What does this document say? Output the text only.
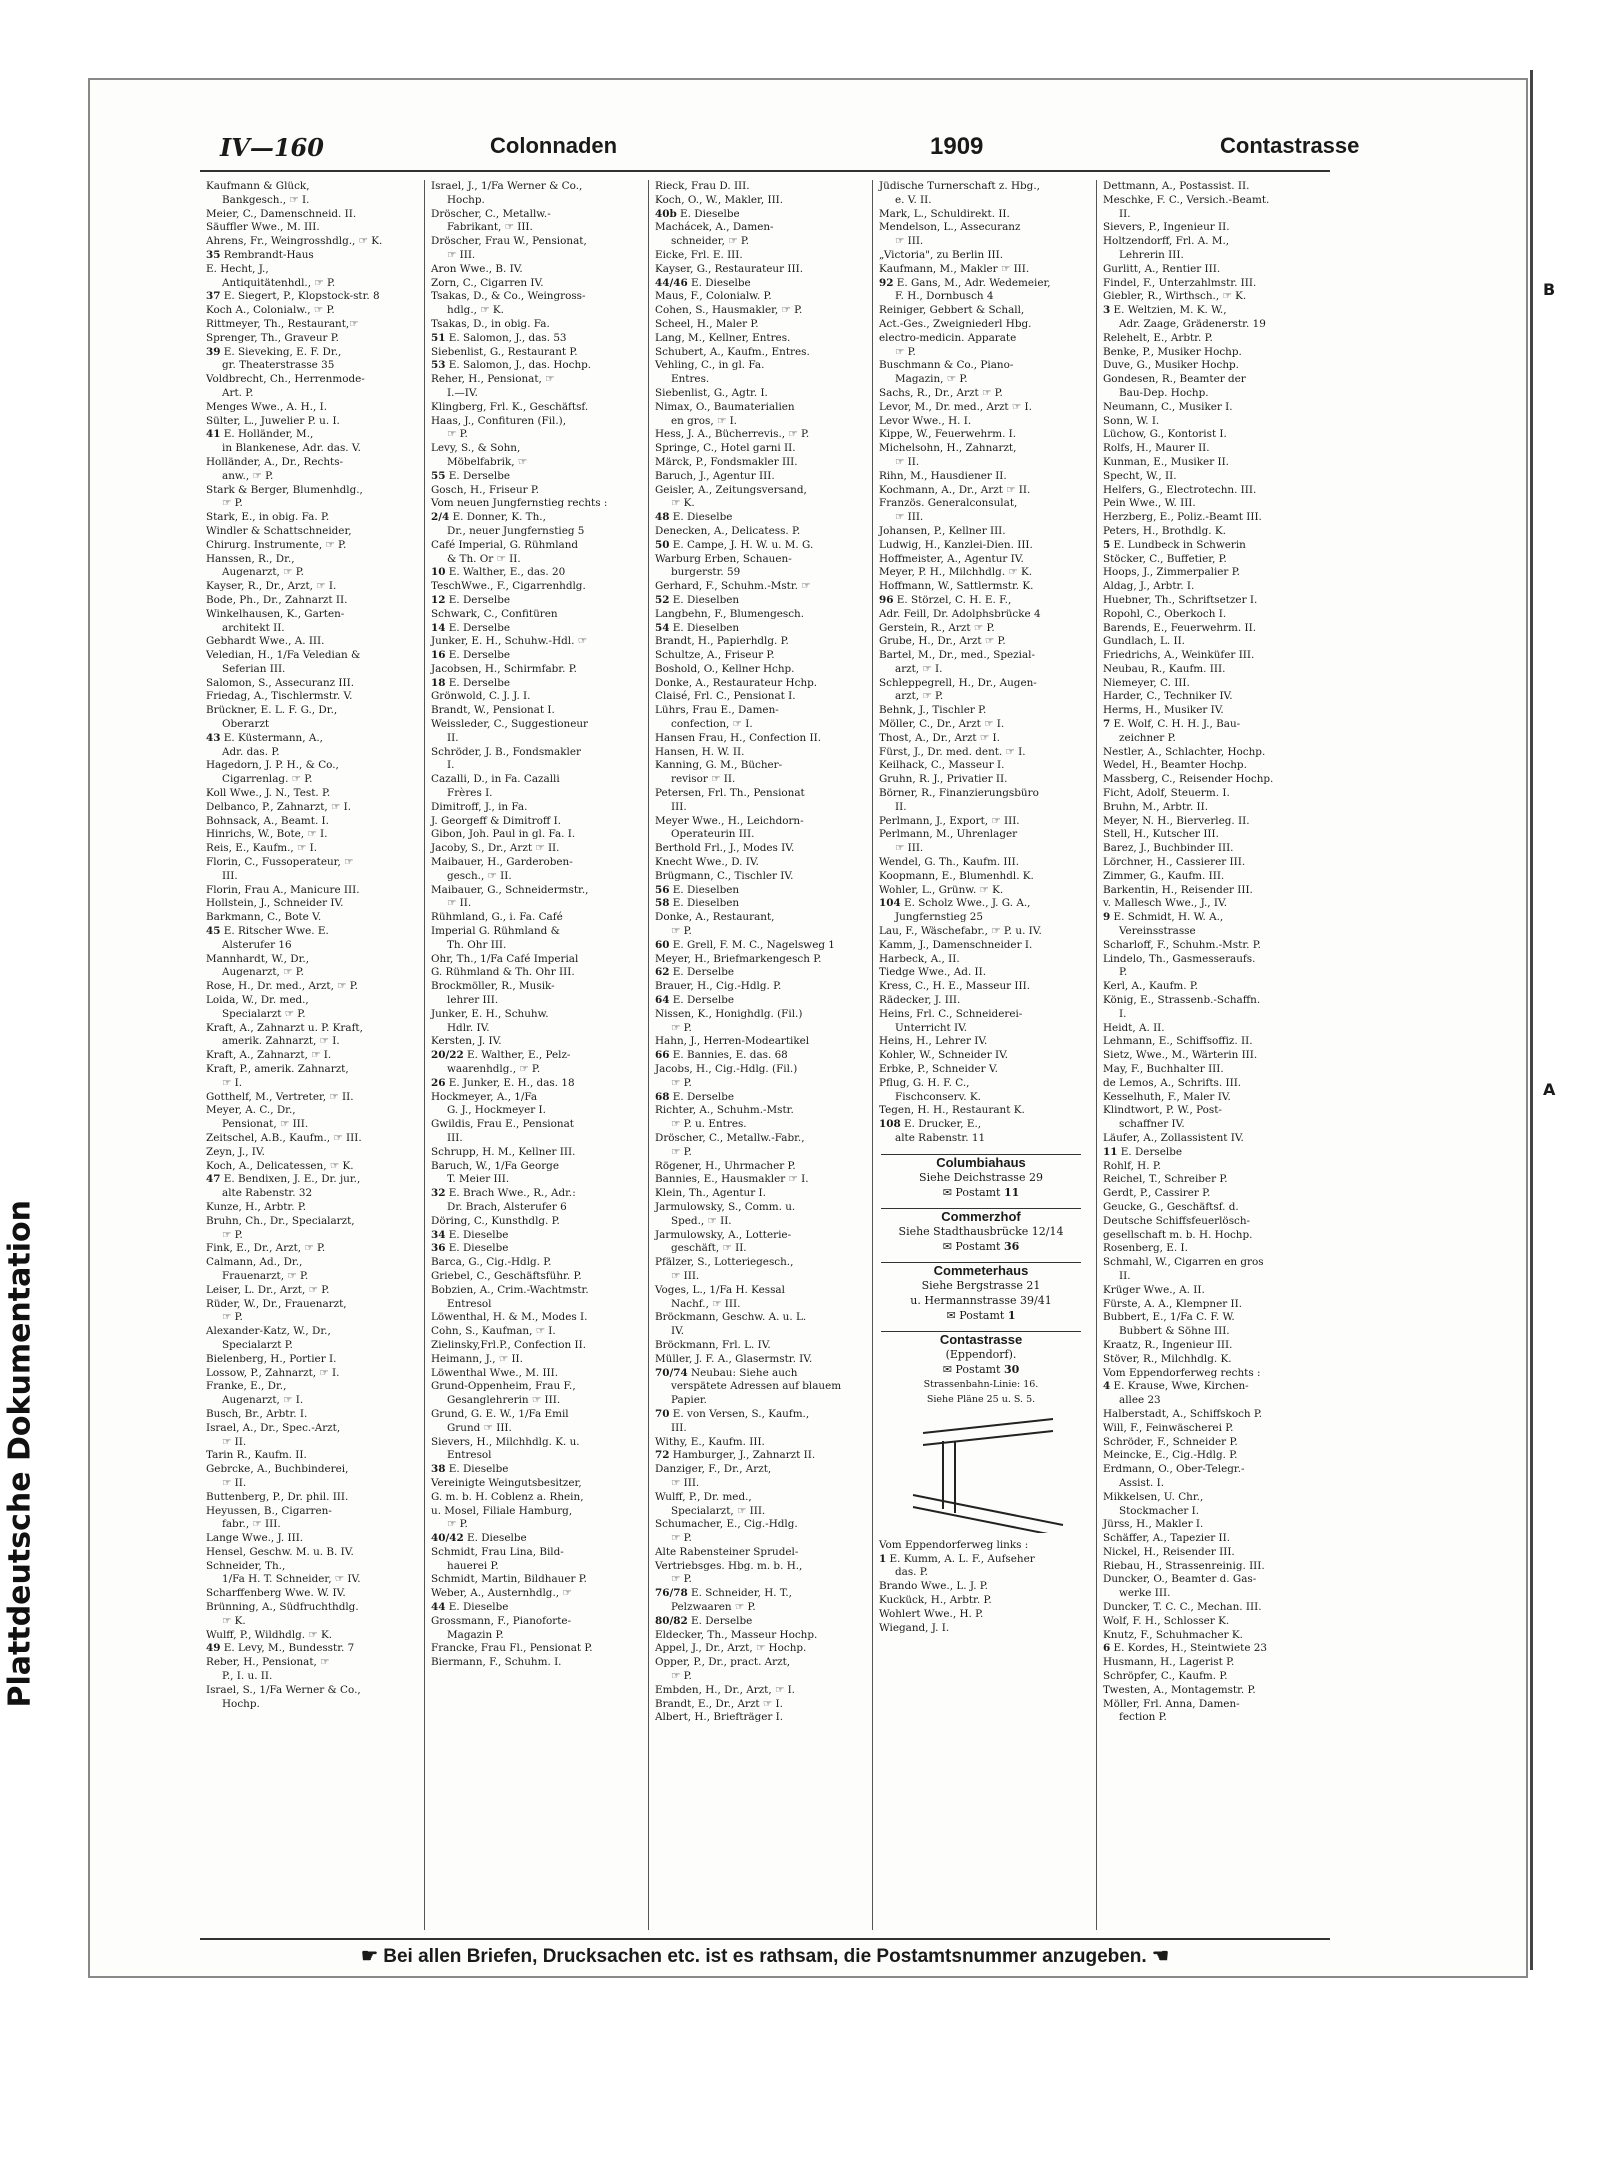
Plattdeutsche Dokumentation
IV—160	Colonnaden	1909	Contastrasse
Kaufmann & Glück,
Bankgesch., ☞ I.
Meier, C., Damenschneid. II.
Säuffler Wwe., M. III.
Ahrens, Fr., Weingrosshdlg., ☞ K.
35 Rembrandt-Haus
E. Hecht, J.,
Antiquitätenhdl., ☞ P.
37 E. Siegert, P., Klopstock-str. 8
Koch A., Colonialw., ☞ P.
Rittmeyer, Th., Restaurant,☞
Sprenger, Th., Graveur P.
39 E. Sieveking, E. F. Dr.,
gr. Theaterstrasse 35
Voldbrecht, Ch., Herrenmode-
Art. P.
Menges Wwe., A. H., I.
Sülter, L., Juwelier P. u. I.
41 E. Holländer, M.,
in Blankenese, Adr. das. V.
Holländer, A., Dr., Rechts-
anw., ☞ P.
Stark & Berger, Blumenhdlg.,
☞ P.
Stark, E., in obig. Fa. P.
Windler & Schattschneider,
Chirurg. Instrumente, ☞ P.
Hanssen, R., Dr.,
Augenarzt, ☞ P.
Kayser, R., Dr., Arzt, ☞ I.
Bode, Ph., Dr., Zahnarzt II.
Winkelhausen, K., Garten-
architekt II.
Gebhardt Wwe., A. III.
Veledian, H., 1/Fa Veledian &
Seferian III.
Salomon, S., Assecuranz III.
Friedag, A., Tischlermstr. V.
Brückner, E. L. F. G., Dr.,
Oberarzt
43 E. Küstermann, A.,
Adr. das. P.
Hagedorn, J. P. H., & Co.,
Cigarrenlag. ☞ P.
Koll Wwe., J. N., Test. P.
Delbanco, P., Zahnarzt, ☞ I.
Bohnsack, A., Beamt. I.
Hinrichs, W., Bote, ☞ I.
Reis, E., Kaufm., ☞ I.
Florin, C., Fussoperateur, ☞
III.
Florin, Frau A., Manicure III.
Hollstein, J., Schneider IV.
Barkmann, C., Bote V.
45 E. Ritscher Wwe. E.
Alsterufer 16
Mannhardt, W., Dr.,
Augenarzt, ☞ P.
Rose, H., Dr. med., Arzt, ☞ P.
Loida, W., Dr. med.,
Specialarzt ☞ P.
Kraft, A., Zahnarzt u. P. Kraft,
amerik. Zahnarzt, ☞ I.
Kraft, A., Zahnarzt, ☞ I.
Kraft, P., amerik. Zahnarzt,
☞ I.
Gotthelf, M., Vertreter, ☞ II.
Meyer, A. C., Dr.,
Pensionat, ☞ III.
Zeitschel, A.B., Kaufm., ☞ III.
Zeyn, J., IV.
Koch, A., Delicatessen, ☞ K.
47 E. Bendixen, J. E., Dr. jur.,
alte Rabenstr. 32
Kunze, H., Arbtr. P.
Bruhn, Ch., Dr., Specialarzt,
☞ P.
Fink, E., Dr., Arzt, ☞ P.
Calmann, Ad., Dr.,
Frauenarzt, ☞ P.
Leiser, L. Dr., Arzt, ☞ P.
Rüder, W., Dr., Frauenarzt,
☞ P.
Alexander-Katz, W., Dr.,
Specialarzt P.
Bielenberg, H., Portier I.
Lossow, P., Zahnarzt, ☞ I.
Franke, E., Dr.,
Augenarzt, ☞ I.
Busch, Br., Arbtr. I.
Israel, A., Dr., Spec.-Arzt,
☞ II.
Tarin R., Kaufm. II.
Gebrcke, A., Buchbinderei,
☞ II.
Buttenberg, P., Dr. phil. III.
Heyussen, B., Cigarren-
fabr., ☞ III.
Lange Wwe., J. III.
Hensel, Geschw. M. u. B. IV.
Schneider, Th.,
1/Fa H. T. Schneider, ☞ IV.
Scharffenberg Wwe. W. IV.
Brünning, A., Südfruchthdlg.
☞ K.
Wulff, P., Wildhdlg. ☞ K.
49 E. Levy, M., Bundesstr. 7
Reber, H., Pensionat, ☞
P., I. u. II.
Israel, S., 1/Fa Werner & Co.,
Hochp.
Israel, J., 1/Fa Werner & Co.,
Hochp.
Dröscher, C., Metallw.-
Fabrikant, ☞ III.
Dröscher, Frau W., Pensionat,
☞ III.
Aron Wwe., B. IV.
Zorn, C., Cigarren IV.
Tsakas, D., & Co., Weingross-
hdlg., ☞ K.
Tsakas, D., in obig. Fa.
51 E. Salomon, J., das. 53
Siebenlist, G., Restaurant P.
53 E. Salomon, J., das. Hochp.
Reher, H., Pensionat, ☞
I.—IV.
Klingberg, Frl. K., Geschäftsf.
Haas, J., Confituren (Fil.),
☞ P.
Levy, S., & Sohn,
Möbelfabrik, ☞
55 E. Derselbe
Gosch, H., Friseur P.
Vom neuen Jungfernstieg rechts :
2/4 E. Donner, K. Th.,
Dr., neuer Jungfernstieg 5
Café Imperial, G. Rühmland
& Th. Or ☞ II.
10 E. Walther, E., das. 20
TeschWwe., F., Cigarrenhdlg.
12 E. Derselbe
Schwark, C., Confitüren
14 E. Derselbe
Junker, E. H., Schuhw.-Hdl. ☞
16 E. Derselbe
Jacobsen, H., Schirmfabr. P.
18 E. Derselbe
Grönwold, C. J. J. I.
Brandt, W., Pensionat I.
Weissleder, C., Suggestioneur
II.
Schröder, J. B., Fondsmakler
I.
Cazalli, D., in Fa. Cazalli
Frères I.
Dimitroff, J., in Fa.
J. Georgeff & Dimitroff I.
Gibon, Joh. Paul in gl. Fa. I.
Jacoby, S., Dr., Arzt ☞ II.
Maibauer, H., Garderoben-
gesch., ☞ II.
Maibauer, G., Schneidermstr.,
☞ II.
Rühmland, G., i. Fa. Café
Imperial G. Rühmland &
Th. Ohr III.
Ohr, Th., 1/Fa Café Imperial
G. Rühmland & Th. Ohr III.
Brockmöller, R., Musik-
lehrer III.
Junker, E. H., Schuhw.
Hdlr. IV.
Kersten, J. IV.
20/22 E. Walther, E., Pelz-
waarenhdlg., ☞ P.
26 E. Junker, E. H., das. 18
Hockmeyer, A., 1/Fa
G. J., Hockmeyer I.
Gwildis, Frau E., Pensionat
III.
Schrupp, H. M., Kellner III.
Baruch, W., 1/Fa George
T. Meier III.
32 E. Brach Wwe., R., Adr.:
Dr. Brach, Alsterufer 6
Döring, C., Kunsthdlg. P.
34 E. Dieselbe
36 E. Dieselbe
Barca, G., Cig.-Hdlg. P.
Griebel, C., Geschäftsführ. P.
Bobzien, A., Crim.-Wachtmstr.
Entresol
Löwenthal, H. & M., Modes I.
Cohn, S., Kaufman, ☞ I.
Zielinsky,Frl.P., Confection II.
Heimann, J., ☞ II.
Löwenthal Wwe., M. III.
Grund-Oppenheim, Frau F.,
Gesanglehrerin ☞ III.
Grund, G. E. W., 1/Fa Emil
Grund ☞ III.
Sievers, H., Milchhdlg. K. u.
Entresol
38 E. Dieselbe
Vereinigte Weingutsbesitzer,
G. m. b. H. Coblenz a. Rhein,
u. Mosel, Filiale Hamburg,
☞ P.
40/42 E. Dieselbe
Schmidt, Frau Lina, Bild-
hauerei P.
Schmidt, Martin, Bildhauer P.
Weber, A., Austernhdlg., ☞
44 E. Dieselbe
Grossmann, F., Pianoforte-
Magazin P.
Francke, Frau Fl., Pensionat P.
Biermann, F., Schuhm. I.
Rieck, Frau D. III.
Koch, O., W., Makler, III.
40b E. Dieselbe
Machácek, A., Damen-
schneider, ☞ P.
Eicke, Frl. E. III.
Kayser, G., Restaurateur III.
44/46 E. Dieselbe
Maus, F., Colonialw. P.
Cohen, S., Hausmakler, ☞ P.
Scheel, H., Maler P.
Lang, M., Kellner, Entres.
Schubert, A., Kaufm., Entres.
Vehling, C., in gl. Fa.
Entres.
Siebenlist, G., Agtr. I.
Nimax, O., Baumaterialien
en gros, ☞ I.
Hess, J. A., Bücherrevis., ☞ P.
Springe, C., Hotel garni II.
Märck, P., Fondsmakler III.
Baruch, J., Agentur III.
Geisler, A., Zeitungsversand,
☞ K.
48 E. Dieselbe
Denecken, A., Delicatess. P.
50 E. Campe, J. H. W. u. M. G.
Warburg Erben, Schauen-
burgerstr. 59
Gerhard, F., Schuhm.-Mstr. ☞
52 E. Dieselben
Langbehn, F., Blumengesch.
54 E. Dieselben
Brandt, H., Papierhdlg. P.
Schultze, A., Friseur P.
Boshold, O., Kellner Hchp.
Donke, A., Restaurateur Hchp.
Claisé, Frl. C., Pensionat I.
Lührs, Frau E., Damen-
confection, ☞ I.
Hansen Frau, H., Confection II.
Hansen, H. W. II.
Kanning, G. M., Bücher-
revisor ☞ II.
Petersen, Frl. Th., Pensionat
III.
Meyer Wwe., H., Leichdorn-
Operateurin III.
Berthold Frl., J., Modes IV.
Knecht Wwe., D. IV.
Brügmann, C., Tischler IV.
56 E. Dieselben
58 E. Dieselben
Donke, A., Restaurant,
☞ P.
60 E. Grell, F. M. C., Nagelsweg 1
Meyer, H., Briefmarkengesch P.
62 E. Derselbe
Brauer, H., Cig.-Hdlg. P.
64 E. Derselbe
Nissen, K., Honighdlg. (Fil.)
☞ P.
Hahn, J., Herren-Modeartikel
66 E. Bannies, E. das. 68
Jacobs, H., Cig.-Hdlg. (Fil.)
☞ P.
68 E. Derselbe
Richter, A., Schuhm.-Mstr.
☞ P. u. Entres.
Dröscher, C., Metallw.-Fabr.,
☞ P.
Rögener, H., Uhrmacher P.
Bannies, E., Hausmakler ☞ I.
Klein, Th., Agentur I.
Jarmulowsky, S., Comm. u.
Sped., ☞ II.
Jarmulowsky, A., Lotterie-
geschäft, ☞ II.
Pfälzer, S., Lotteriegesch.,
☞ III.
Voges, L., 1/Fa H. Kessal
Nachf., ☞ III.
Bröckmann, Geschw. A. u. L.
IV.
Bröckmann, Frl. L. IV.
Müller, J. F. A., Glasermstr. IV.
70/74 Neubau: Siehe auch
verspätete Adressen auf blauem
Papier.
70 E. von Versen, S., Kaufm.,
III.
Withy, E., Kaufm. III.
72 Hamburger, J., Zahnarzt II.
Danziger, F., Dr., Arzt,
☞ III.
Wulff, P., Dr. med.,
Specialarzt, ☞ III.
Schumacher, E., Cig.-Hdlg.
☞ P.
Alte Rabensteiner Sprudel-
Vertriebsges. Hbg. m. b. H.,
☞ P.
76/78 E. Schneider, H. T.,
Pelzwaaren ☞ P.
80/82 E. Derselbe
Eldecker, Th., Masseur Hochp.
Appel, J., Dr., Arzt, ☞ Hochp.
Opper, P., Dr., pract. Arzt,
☞ P.
Embden, H., Dr., Arzt, ☞ I.
Brandt, E., Dr., Arzt ☞ I.
Albert, H., Briefträger I.
Jüdische Turnerschaft z. Hbg.,
e. V. II.
Mark, L., Schuldirekt. II.
Mendelson, L., Assecuranz
☞ III.
„Victoria", zu Berlin III.
Kaufmann, M., Makler ☞ III.
92 E. Gans, M., Adr. Wedemeier,
F. H., Dornbusch 4
Reiniger, Gebbert & Schall,
Act.-Ges., Zweigniederl Hbg.
electro-medicin. Apparate
☞ P.
Buschmann & Co., Piano-
Magazin, ☞ P.
Sachs, R., Dr., Arzt ☞ P.
Levor, M., Dr. med., Arzt ☞ I.
Levor Wwe., H. I.
Kippe, W., Feuerwehrm. I.
Michelsohn, H., Zahnarzt,
☞ II.
Rihn, M., Hausdiener II.
Kochmann, A., Dr., Arzt ☞ II.
Französ. Generalconsulat,
☞ III.
Johansen, P., Kellner III.
Ludwig, H., Kanzlei-Dien. III.
Hoffmeister, A., Agentur IV.
Meyer, P. H., Milchhdlg. ☞ K.
Hoffmann, W., Sattlermstr. K.
96 E. Störzel, C. H. E. F.,
Adr. Feill, Dr. Adolphsbrücke 4
Gerstein, R., Arzt ☞ P.
Grube, H., Dr., Arzt ☞ P.
Bartel, M., Dr., med., Spezial-
arzt, ☞ I.
Schleppegrell, H., Dr., Augen-
arzt, ☞ P.
Behnk, J., Tischler P.
Möller, C., Dr., Arzt ☞ I.
Thost, A., Dr., Arzt ☞ I.
Fürst, J., Dr. med. dent. ☞ I.
Keilhack, C., Masseur I.
Gruhn, R. J., Privatier II.
Börner, R., Finanzierungsbüro
II.
Perlmann, J., Export, ☞ III.
Perlmann, M., Uhrenlager
☞ III.
Wendel, G. Th., Kaufm. III.
Koopmann, E., Blumenhdl. K.
Wohler, L., Grünw. ☞ K.
104 E. Scholz Wwe., J. G. A.,
Jungfernstieg 25
Lau, F., Wäschefabr., ☞ P. u. IV.
Kamm, J., Damenschneider I.
Harbeck, A., II.
Tiedge Wwe., Ad. II.
Kress, C., H. E., Masseur III.
Rädecker, J. III.
Heins, Frl. C., Schneiderei-
Unterricht IV.
Heins, H., Lehrer IV.
Kohler, W., Schneider IV.
Erbke, P., Schneider V.
Pflug, G. H. F. C.,
Fischconserv. K.
Tegen, H. H., Restaurant K.
108 E. Drucker, E.,
alte Rabenstr. 11
Columbiahaus
Siehe Deichstrasse 29
✉ Postamt 11
Commerzhof
Siehe Stadthausbrücke 12/14
✉ Postamt 36
Commeterhaus
Siehe Bergstrasse 21
u. Hermannstrasse 39/41
✉ Postamt 1
Contastrasse
(Eppendorf).
✉ Postamt 30
Strassenbahn-Linie: 16.
Siehe Pläne 25 u. S. 5.
Vom Eppendorferweg links :
1 E. Kumm, A. L. F., Aufseher
das. P.
Brando Wwe., L. J. P.
Kuckück, H., Arbtr. P.
Wohlert Wwe., H. P.
Wiegand, J. I.
Dettmann, A., Postassist. II.
Meschke, F. C., Versich.-Beamt.
II.
Sievers, P., Ingenieur II.
Holtzendorff, Frl. A. M.,
Lehrerin III.
Gurlitt, A., Rentier III.
Findel, F., Unterzahlmstr. III.
Giebler, R., Wirthsch., ☞ K.
3 E. Weltzien, M. K. W.,
Adr. Zaage, Grädenerstr. 19
Relehelt, E., Arbtr. P.
Benke, P., Musiker Hochp.
Duve, G., Musiker Hochp.
Gondesen, R., Beamter der
Bau-Dep. Hochp.
Neumann, C., Musiker I.
Sonn, W. I.
Lüchow, G., Kontorist I.
Rolfs, H., Maurer II.
Kunman, E., Musiker II.
Specht, W., II.
Helfers, G., Electrotechn. III.
Pein Wwe., W. III.
Herzberg, E., Poliz.-Beamt III.
Peters, H., Brothdlg. K.
5 E. Lundbeck in Schwerin
Stöcker, C., Buffetier, P.
Hoops, J., Zimmerpalier P.
Aldag, J., Arbtr. I.
Huebner, Th., Schriftsetzer I.
Ropohl, C., Oberkoch I.
Barends, E., Feuerwehrm. II.
Gundlach, L. II.
Friedrichs, A., Weinküfer III.
Neubau, R., Kaufm. III.
Niemeyer, C. III.
Harder, C., Techniker IV.
Herms, H., Musiker IV.
7 E. Wolf, C. H. H. J., Bau-
zeichner P.
Nestler, A., Schlachter, Hochp.
Wedel, H., Beamter Hochp.
Massberg, C., Reisender Hochp.
Ficht, Adolf, Steuerm. I.
Bruhn, M., Arbtr. II.
Meyer, N. H., Bierverleg. II.
Stell, H., Kutscher III.
Barez, J., Buchbinder III.
Lörchner, H., Cassierer III.
Zimmer, G., Kaufm. III.
Barkentin, H., Reisender III.
v. Mallesch Wwe., J., IV.
9 E. Schmidt, H. W. A.,
Vereinsstrasse
Scharloff, F., Schuhm.-Mstr. P.
Lindelo, Th., Gasmesseraufs.
P.
Kerl, A., Kaufm. P.
König, E., Strassenb.-Schaffn.
I.
Heidt, A. II.
Lehmann, E., Schiffsoffiz. II.
Sietz, Wwe., M., Wärterin III.
May, F., Buchhalter III.
de Lemos, A., Schrifts. III.
Kesselhuth, F., Maler IV.
Klindtwort, P. W., Post-
schaffner IV.
Läufer, A., Zollassistent IV.
11 E. Derselbe
Rohlf, H. P.
Reichel, T., Schreiber P.
Gerdt, P., Cassirer P.
Geucke, G., Geschäftsf. d.
Deutsche Schiffsfeuerlösch-
gesellschaft m. b. H. Hochp.
Rosenberg, E. I.
Schmahl, W., Cigarren en gros
II.
Krüger Wwe., A. II.
Fürste, A. A., Klempner II.
Bubbert, E., 1/Fa C. F. W.
Bubbert & Söhne III.
Kraatz, R., Ingenieur III.
Stöver, R., Milchhdlg. K.
Vom Eppendorferweg rechts :
4 E. Krause, Wwe, Kirchen-
allee 23
Halberstadt, A., Schiffskoch P.
Will, F., Feinwäscherei P.
Schröder, F., Schneider P.
Meincke, E., Cig.-Hdlg. P.
Erdmann, O., Ober-Telegr.-
Assist. I.
Mikkelsen, U. Chr.,
Stockmacher I.
Jürss, H., Makler I.
Schäffer, A., Tapezier II.
Nickel, H., Reisender III.
Riebau, H., Strassenreinig. III.
Duncker, O., Beamter d. Gas-
werke III.
Duncker, T. C. C., Mechan. III.
Wolf, F. H., Schlosser K.
Knutz, F., Schuhmacher K.
6 E. Kordes, H., Steintwiete 23
Husmann, H., Lagerist P.
Schröpfer, C., Kaufm. P.
Twesten, A., Montagemstr. P.
Möller, Frl. Anna, Damen-
fection P.
☛ Bei allen Briefen, Drucksachen etc. ist es rathsam, die Postamtsnummer anzugeben. ☚
B
A
